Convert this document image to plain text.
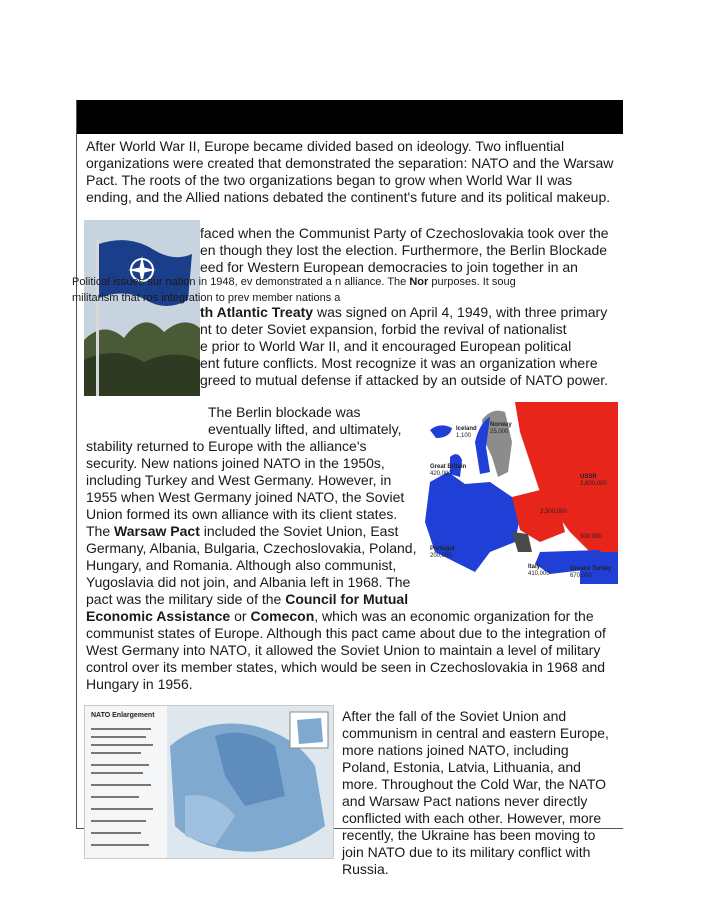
After World War II, Europe became divided based on ideology. Two influential
organizations were created that demonstrated the separation: NATO and the Warsaw
Pact. The roots of the two organizations began to grow when World War II was
ending, and the Allied nations debated the continent's future and its political makeup.
faced when the Communist Party of Czechoslovakia took over the
en though they lost the election. Furthermore, the Berlin Blockade
eed for Western European democracies to join together in an
Political issues sur nation in 1948, ev demonstrated a n alliance. The Nor purposes. It soug
militarism that ros integration to prev member nations a
th Atlantic Treaty was signed on April 4, 1949, with three primary
nt to deter Soviet expansion, forbid the revival of nationalist
e prior to World War II, and it encouraged European political
ent future conflicts. Most recognize it was an organization where
greed to mutual defense if attacked by an outside of NATO power.
Iceland
1,100
Norway
25,000
Great Britain
420,000	USSR
2,600,000
2,300,000
300,000
Portugal
200,000
Italy
410,000
Greece Turkey
670,000
The Berlin blockade was
eventually lifted, and ultimately,
stability returned to Europe with the alliance's
security. New nations joined NATO in the 1950s,
including Turkey and West Germany. However, in
1955 when West Germany joined NATO, the Soviet
Union formed its own alliance with its client states.
The Warsaw Pact included the Soviet Union, East
Germany, Albania, Bulgaria, Czechoslovakia, Poland,
Hungary, and Romania. Although also communist,
Yugoslavia did not join, and Albania left in 1968. The
pact was the military side of the Council for Mutual
Economic Assistance or Comecon, which was an economic organization for the
communist states of Europe. Although this pact came about due to the integration of
West Germany into NATO, it allowed the Soviet Union to maintain a level of military
control over its member states, which would be seen in Czechoslovakia in 1968 and
Hungary in 1956.
NATO Enlargement	After the fall of the Soviet Union and
communism in central and eastern Europe,
more nations joined NATO, including
Poland, Estonia, Latvia, Lithuania, and
more. Throughout the Cold War, the NATO
and Warsaw Pact nations never directly
conflicted with each other. However, more
recently, the Ukraine has been moving to
join NATO due to its military conflict with
Russia.
